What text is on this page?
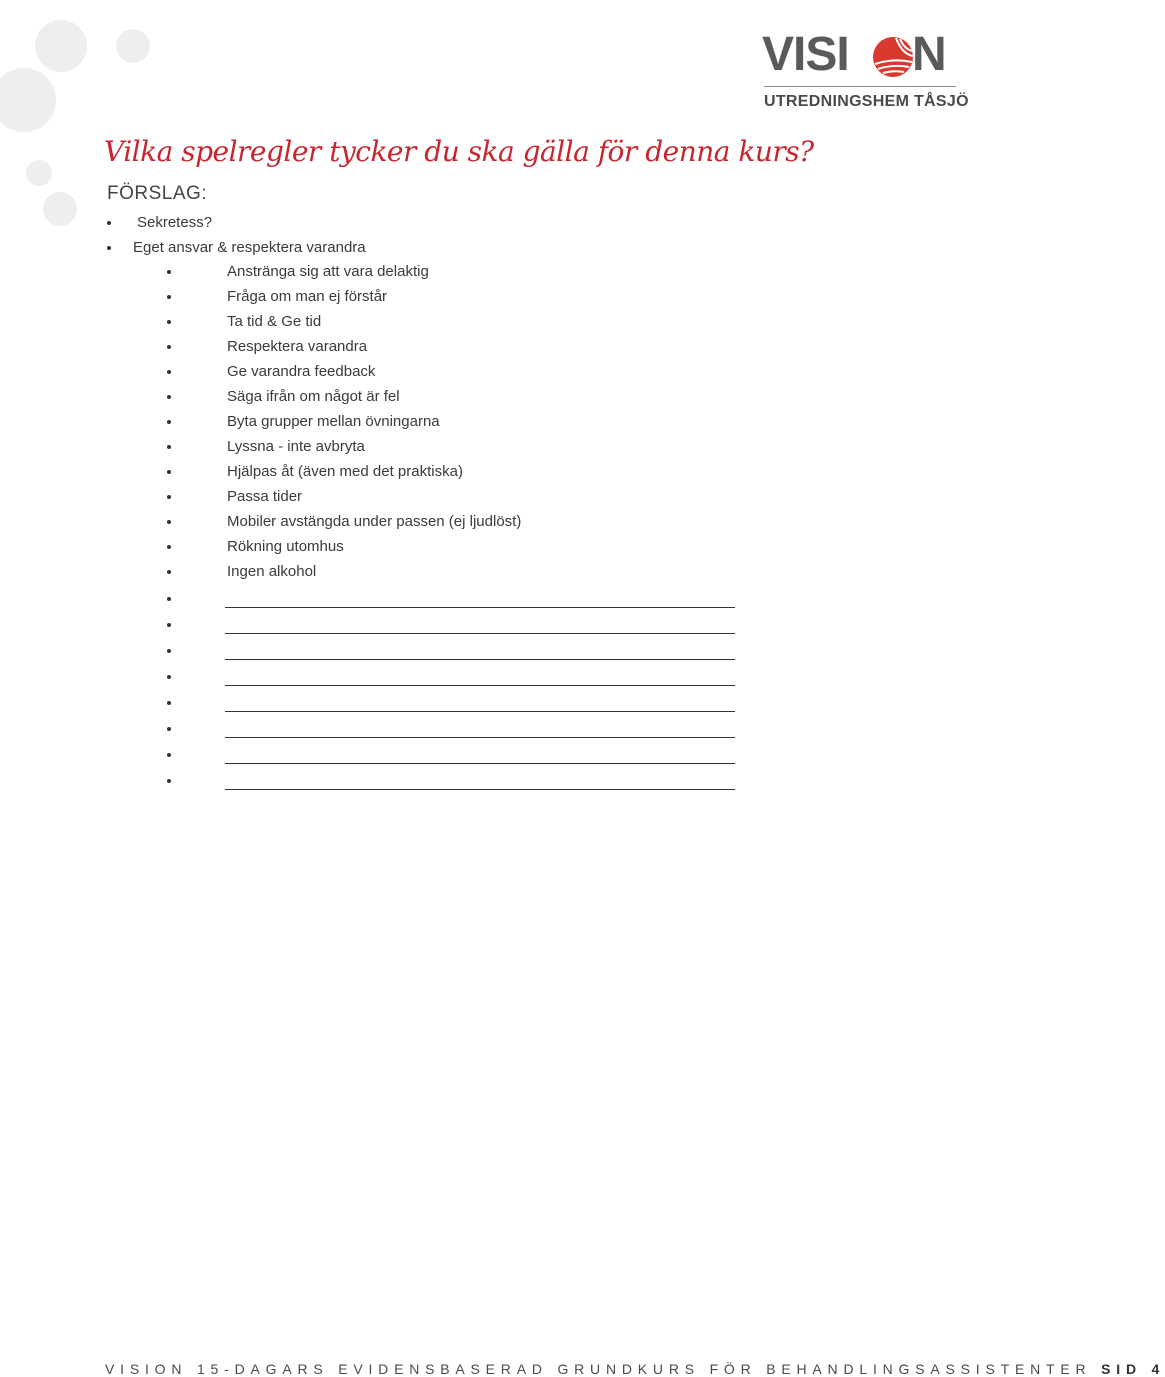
VISI N
UTREDNINGSHEM TÅSJÖ
Vilka spelregler tycker du ska gälla för denna kurs?
FÖRSLAG:
Sekretess?
Eget ansvar & respektera varandra
Anstränga sig att vara delaktig
Fråga om man ej förstår
Ta tid & Ge tid
Respektera varandra
Ge varandra feedback
Säga ifrån om något är fel
Byta grupper mellan övningarna
Lyssna - inte avbryta
Hjälpas åt (även med det praktiska)
Passa tider
Mobiler avstängda under passen (ej ljudlöst)
Rökning utomhus
Ingen alkohol
VISION 15-DAGARS EVIDENSBASERAD GRUNDKURS FÖR BEHANDLINGSASSISTENTER SID 4
